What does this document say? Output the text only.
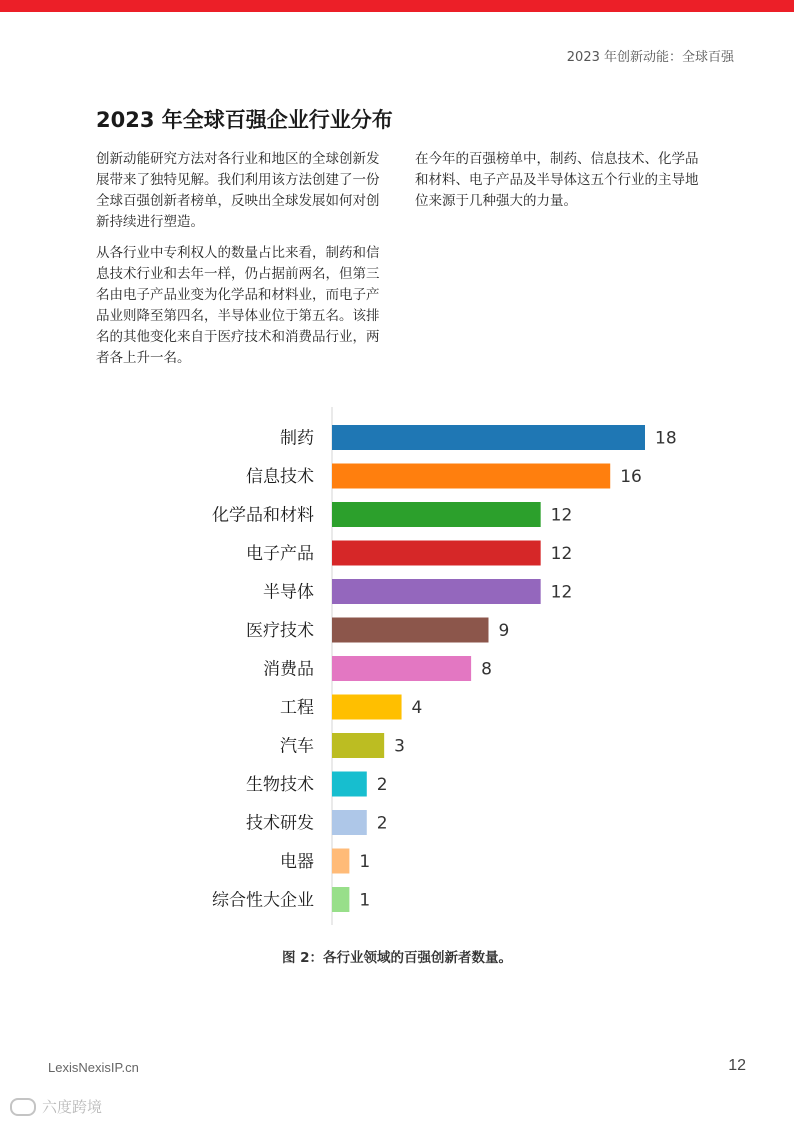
2023 年创新动能：全球百强
2023 年全球百强企业行业分布

创新动能研究方法对各行业和地区的全球创新发展带来了独特见解。我们利用该方法创建了一份全球百强创新者榜单，反映出全球发展如何对创新持续进行塑造。

从各行业中专利权人的数量占比来看，制药和信息技术行业和去年一样，仍占据前两名，但第三名由电子产品业变为化学品和材料业，而电子产品业则降至第四名，半导体业位于第五名。该排名的其他变化来自于医疗技术和消费品行业，两者各上升一名。

在今年的百强榜单中，制药、信息技术、化学品和材料、电子产品及半导体这五个行业的主导地位来源于几种强大的力量。

制药	18
信息技术	16
化学品和材料	12
电子产品	12
半导体	12
医疗技术	9
消费品	8
工程	4
汽车	3
生物技术	2
技术研发	2
电器	1
综合性大企业	1
图 2：各行业领域的百强创新者数量。
LexisNexisIP.cn	12
六度跨境
